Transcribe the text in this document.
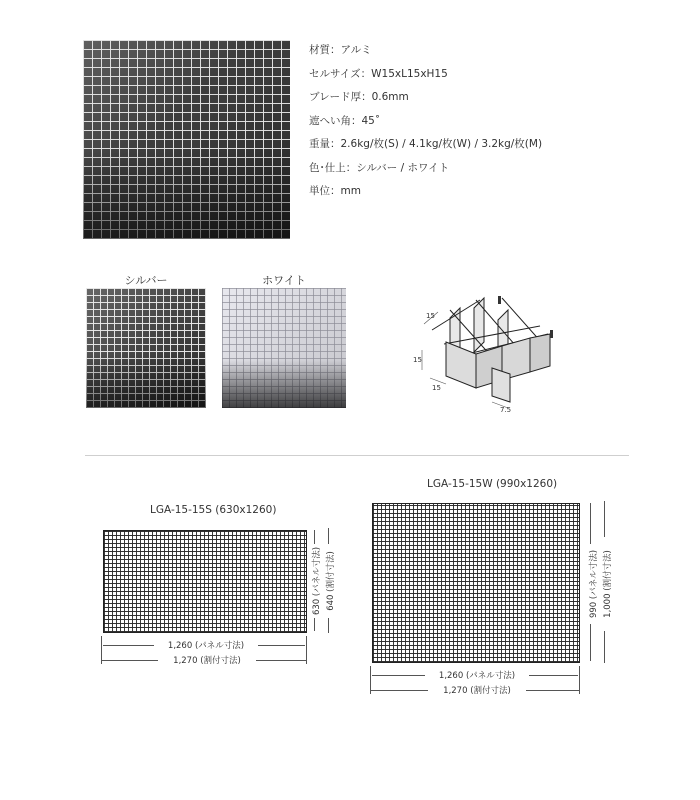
材質：アルミ
セルサイズ：W15xL15xH15
ブレード厚：0.6mm
遮へい角：45˚
重量：2.6kg/枚(S) / 4.1kg/枚(W) / 3.2kg/枚(M)
色･仕上：シルバー / ホワイト
単位：mm
シルバー	ホワイト
15
15
15
7.5
LGA-15-15S (630x1260)
630 (パネル寸法) 640 (割付寸法)
1,260 (パネル寸法)
1,270 (割付寸法)
LGA-15-15W (990x1260)
990 (パネル寸法) 1,000 (割付寸法)
1,260 (パネル寸法)
1,270 (割付寸法)
